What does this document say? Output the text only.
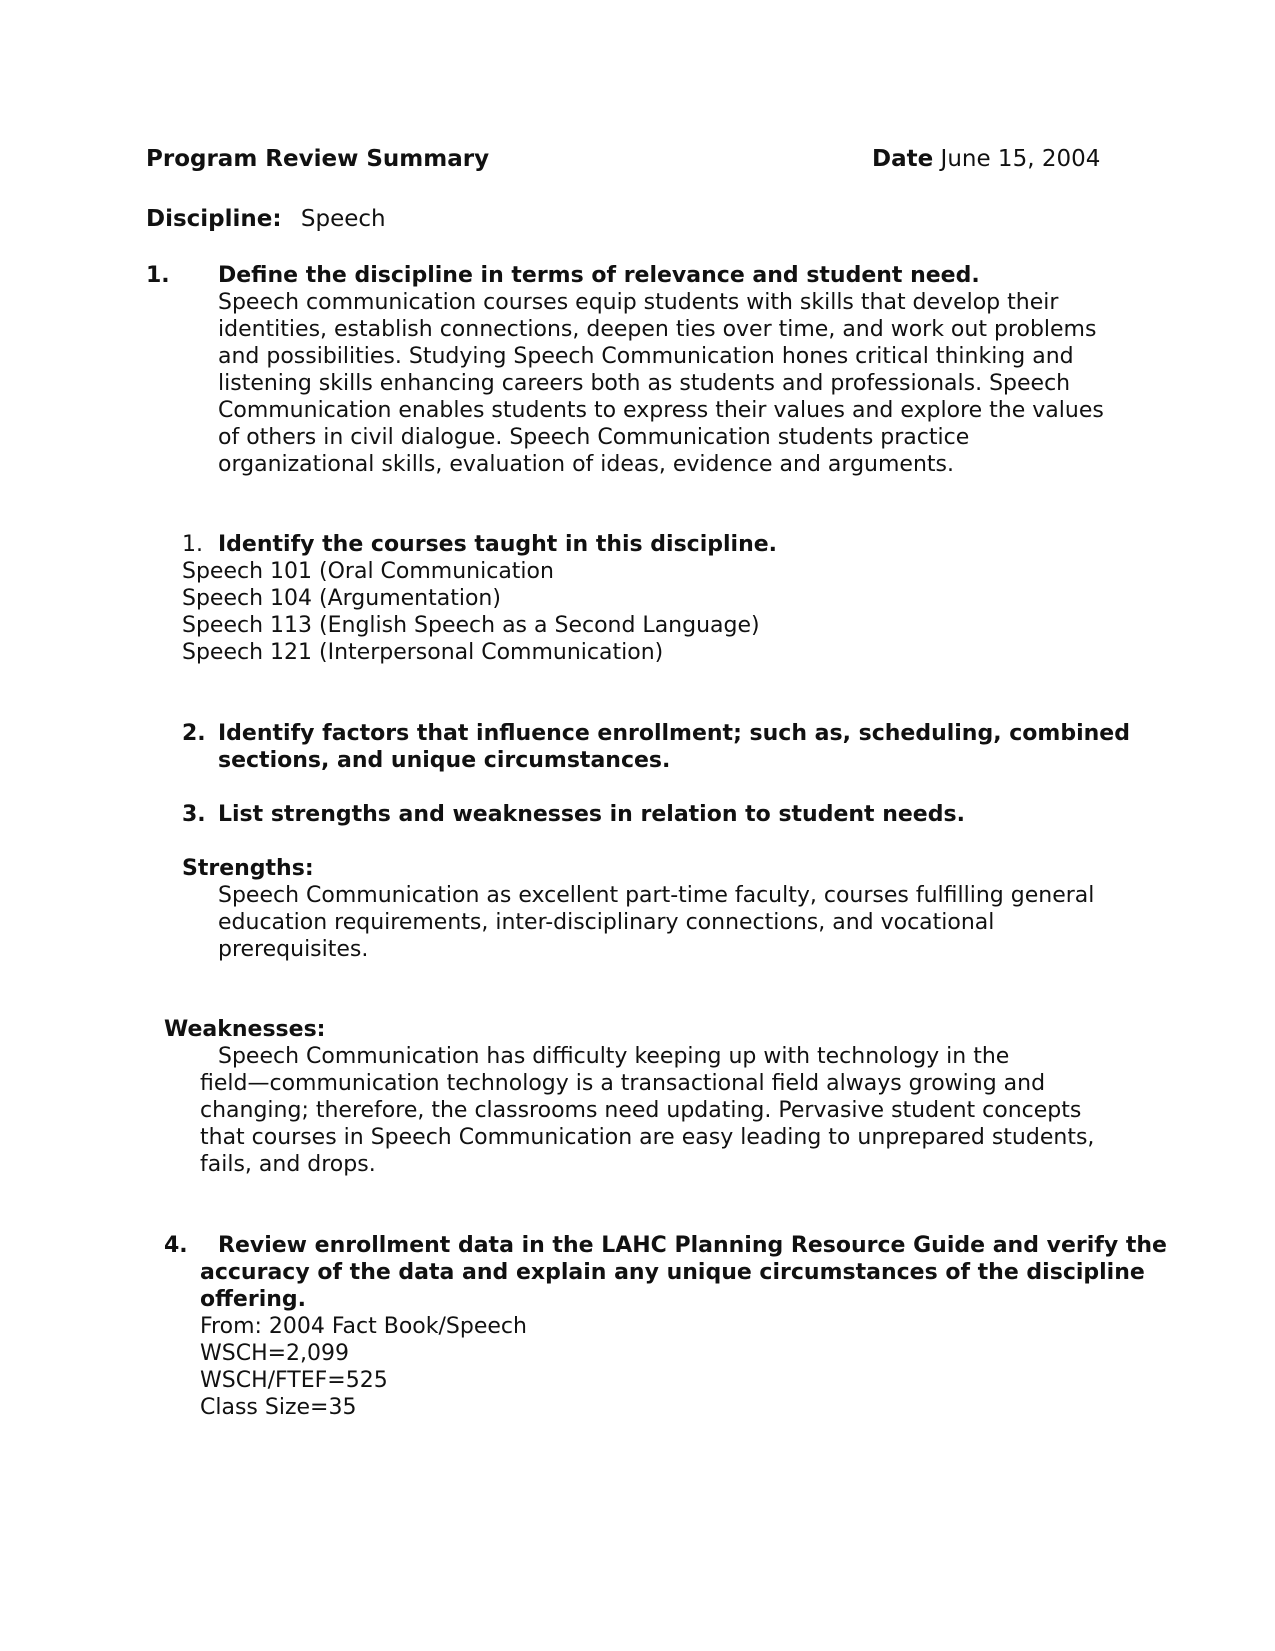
Program Review Summary	Date June 15, 2004
Discipline: Speech
1. Define the discipline in terms of relevance and student need.
Speech communication courses equip students with skills that develop their
identities, establish connections, deepen ties over time, and work out problems
and possibilities. Studying Speech Communication hones critical thinking and
listening skills enhancing careers both as students and professionals. Speech
Communication enables students to express their values and explore the values
of others in civil dialogue. Speech Communication students practice
organizational skills, evaluation of ideas, evidence and arguments.
1. Identify the courses taught in this discipline.
Speech 101 (Oral Communication
Speech 104 (Argumentation)
Speech 113 (English Speech as a Second Language)
Speech 121 (Interpersonal Communication)
2. Identify factors that influence enrollment; such as, scheduling, combined
sections, and unique circumstances.
3. List strengths and weaknesses in relation to student needs.
Strengths:
Speech Communication as excellent part-time faculty, courses fulfilling general
education requirements, inter-disciplinary connections, and vocational
prerequisites.
Weaknesses:
Speech Communication has difficulty keeping up with technology in the
field—communication technology is a transactional field always growing and
changing; therefore, the classrooms need updating. Pervasive student concepts
that courses in Speech Communication are easy leading to unprepared students,
fails, and drops.
4. Review enrollment data in the LAHC Planning Resource Guide and verify the
accuracy of the data and explain any unique circumstances of the discipline
offering.
From: 2004 Fact Book/Speech
WSCH=2,099
WSCH/FTEF=525
Class Size=35
